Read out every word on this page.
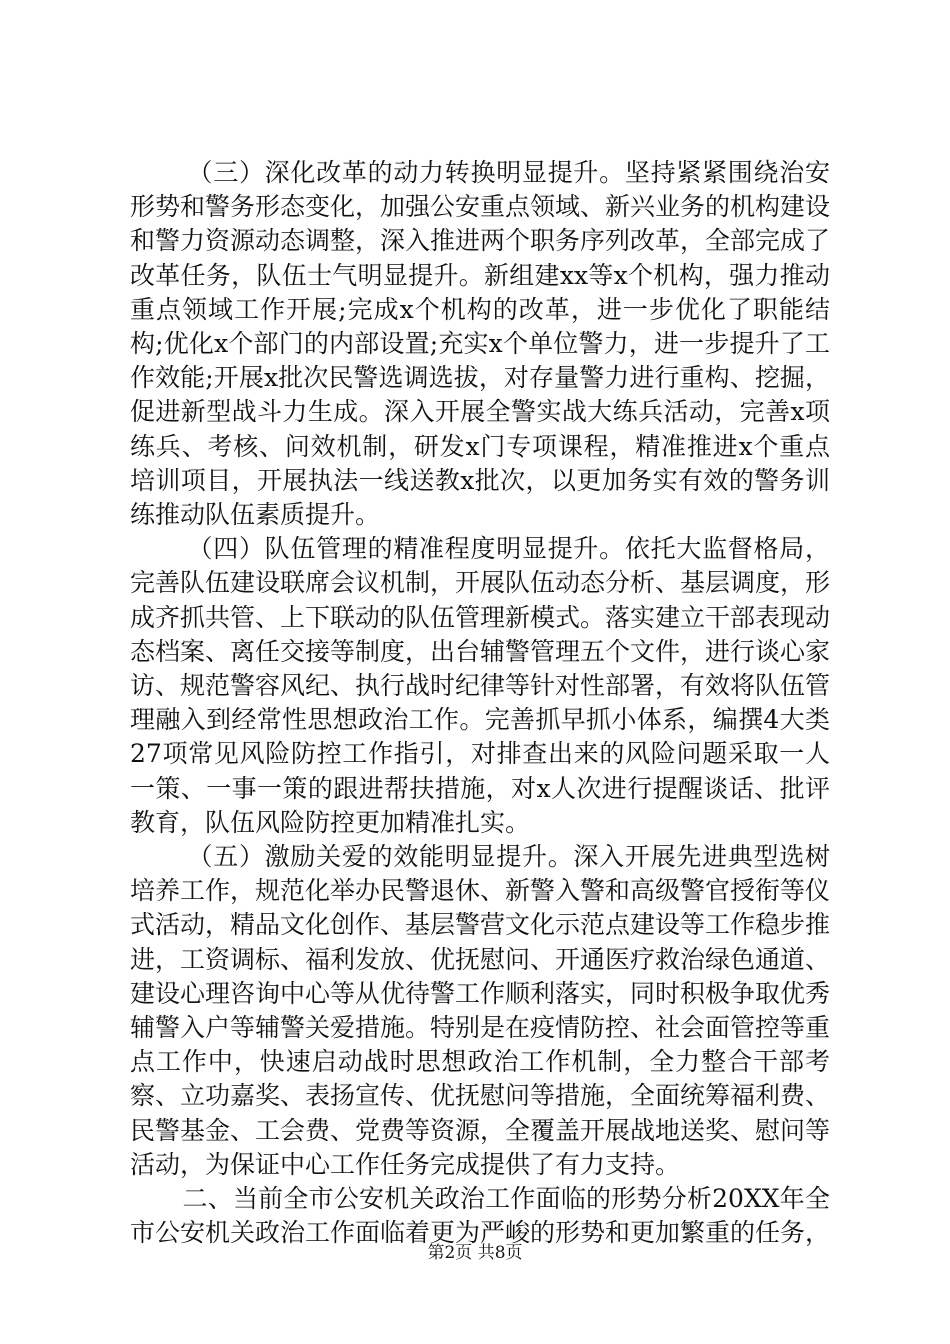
（三）深化改革的动力转换明显提升。坚持紧紧围绕治安形势和警务形态变化，加强公安重点领域、新兴业务的机构建设和警力资源动态调整，深入推进两个职务序列改革，全部完成了改革任务，队伍士气明显提升。新组建xx等x个机构，强力推动重点领域工作开展;完成x个机构的改革，进一步优化了职能结构;优化x个部门的内部设置;充实x个单位警力，进一步提升了工作效能;开展x批次民警选调选拔，对存量警力进行重构、挖掘，促进新型战斗力生成。深入开展全警实战大练兵活动，完善x项练兵、考核、问效机制，研发x门专项课程，精准推进x个重点培训项目，开展执法一线送教x批次，以更加务实有效的警务训练推动队伍素质提升。

（四）队伍管理的精准程度明显提升。依托大监督格局，完善队伍建设联席会议机制，开展队伍动态分析、基层调度，形成齐抓共管、上下联动的队伍管理新模式。落实建立干部表现动态档案、离任交接等制度，出台辅警管理五个文件，进行谈心家访、规范警容风纪、执行战时纪律等针对性部署，有效将队伍管理融入到经常性思想政治工作。完善抓早抓小体系，编撰4大类27项常见风险防控工作指引，对排查出来的风险问题采取一人一策、一事一策的跟进帮扶措施，对x人次进行提醒谈话、批评教育，队伍风险防控更加精准扎实。

（五）激励关爱的效能明显提升。深入开展先进典型选树培养工作，规范化举办民警退休、新警入警和高级警官授衔等仪式活动，精品文化创作、基层警营文化示范点建设等工作稳步推进，工资调标、福利发放、优抚慰问、开通医疗救治绿色通道、建设心理咨询中心等从优待警工作顺利落实，同时积极争取优秀辅警入户等辅警关爱措施。特别是在疫情防控、社会面管控等重点工作中，快速启动战时思想政治工作机制，全力整合干部考察、立功嘉奖、表扬宣传、优抚慰问等措施，全面统筹福利费、民警基金、工会费、党费等资源，全覆盖开展战地送奖、慰问等活动，为保证中心工作任务完成提供了有力支持。

二、当前全市公安机关政治工作面临的形势分析20XX年全市公安机关政治工作面临着更为严峻的形势和更加繁重的任务，

第2页 共8页
